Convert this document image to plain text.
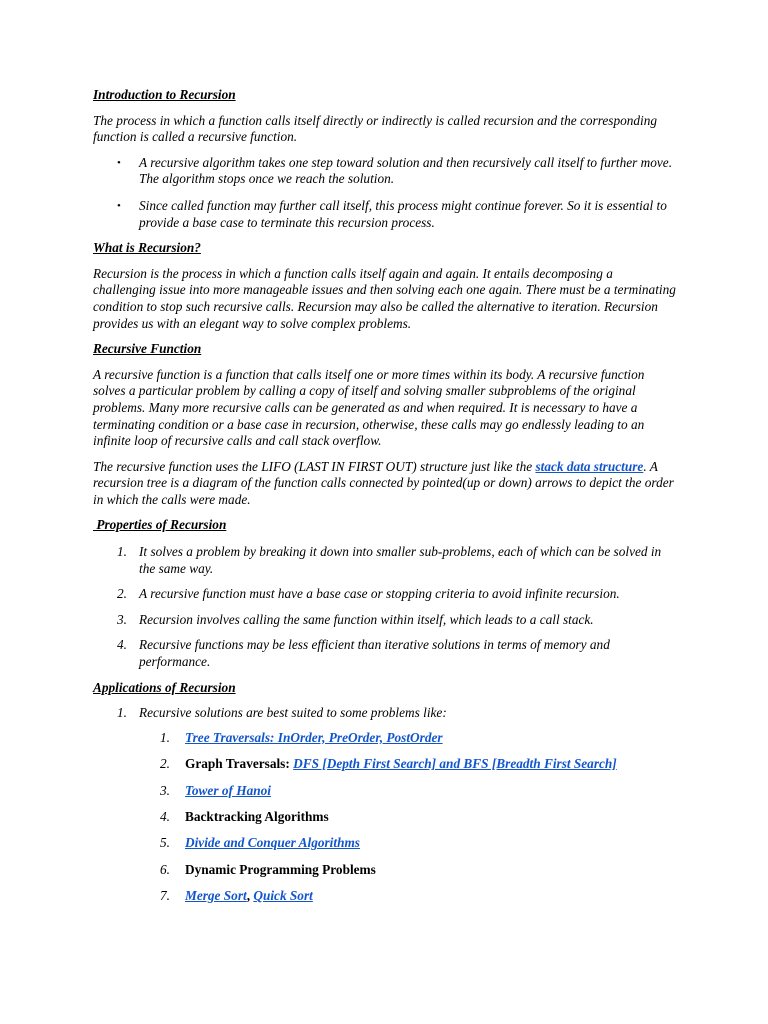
Introduction to Recursion

The process in which a function calls itself directly or indirectly is called recursion and the corresponding function is called a recursive function.

• A recursive algorithm takes one step toward solution and then recursively call itself to further move. The algorithm stops once we reach the solution.
• Since called function may further call itself, this process might continue forever. So it is essential to provide a base case to terminate this recursion process.
What is Recursion?

Recursion is the process in which a function calls itself again and again. It entails decomposing a challenging issue into more manageable issues and then solving each one again. There must be a terminating condition to stop such recursive calls. Recursion may also be called the alternative to iteration. Recursion provides us with an elegant way to solve complex problems.

Recursive Function

A recursive function is a function that calls itself one or more times within its body. A recursive function solves a particular problem by calling a copy of itself and solving smaller subproblems of the original problems. Many more recursive calls can be generated as and when required. It is necessary to have a terminating condition or a base case in recursion, otherwise, these calls may go endlessly leading to an infinite loop of recursive calls and call stack overflow.

The recursive function uses the LIFO (LAST IN FIRST OUT) structure just like the stack data structure. A recursion tree is a diagram of the function calls connected by pointed(up or down) arrows to depict the order in which the calls were made.

Properties of Recursion
1. It solves a problem by breaking it down into smaller sub-problems, each of which can be solved in the same way.
2. A recursive function must have a base case or stopping criteria to avoid infinite recursion.
3. Recursion involves calling the same function within itself, which leads to a call stack.
4. Recursive functions may be less efficient than iterative solutions in terms of memory and performance.
Applications of Recursion
1. Recursive solutions are best suited to some problems like:
1. Tree Traversals: InOrder, PreOrder, PostOrder
2. Graph Traversals: DFS [Depth First Search] and BFS [Breadth First Search]
3. Tower of Hanoi
4. Backtracking Algorithms
5. Divide and Conquer Algorithms
6. Dynamic Programming Problems
7. Merge Sort, Quick Sort
